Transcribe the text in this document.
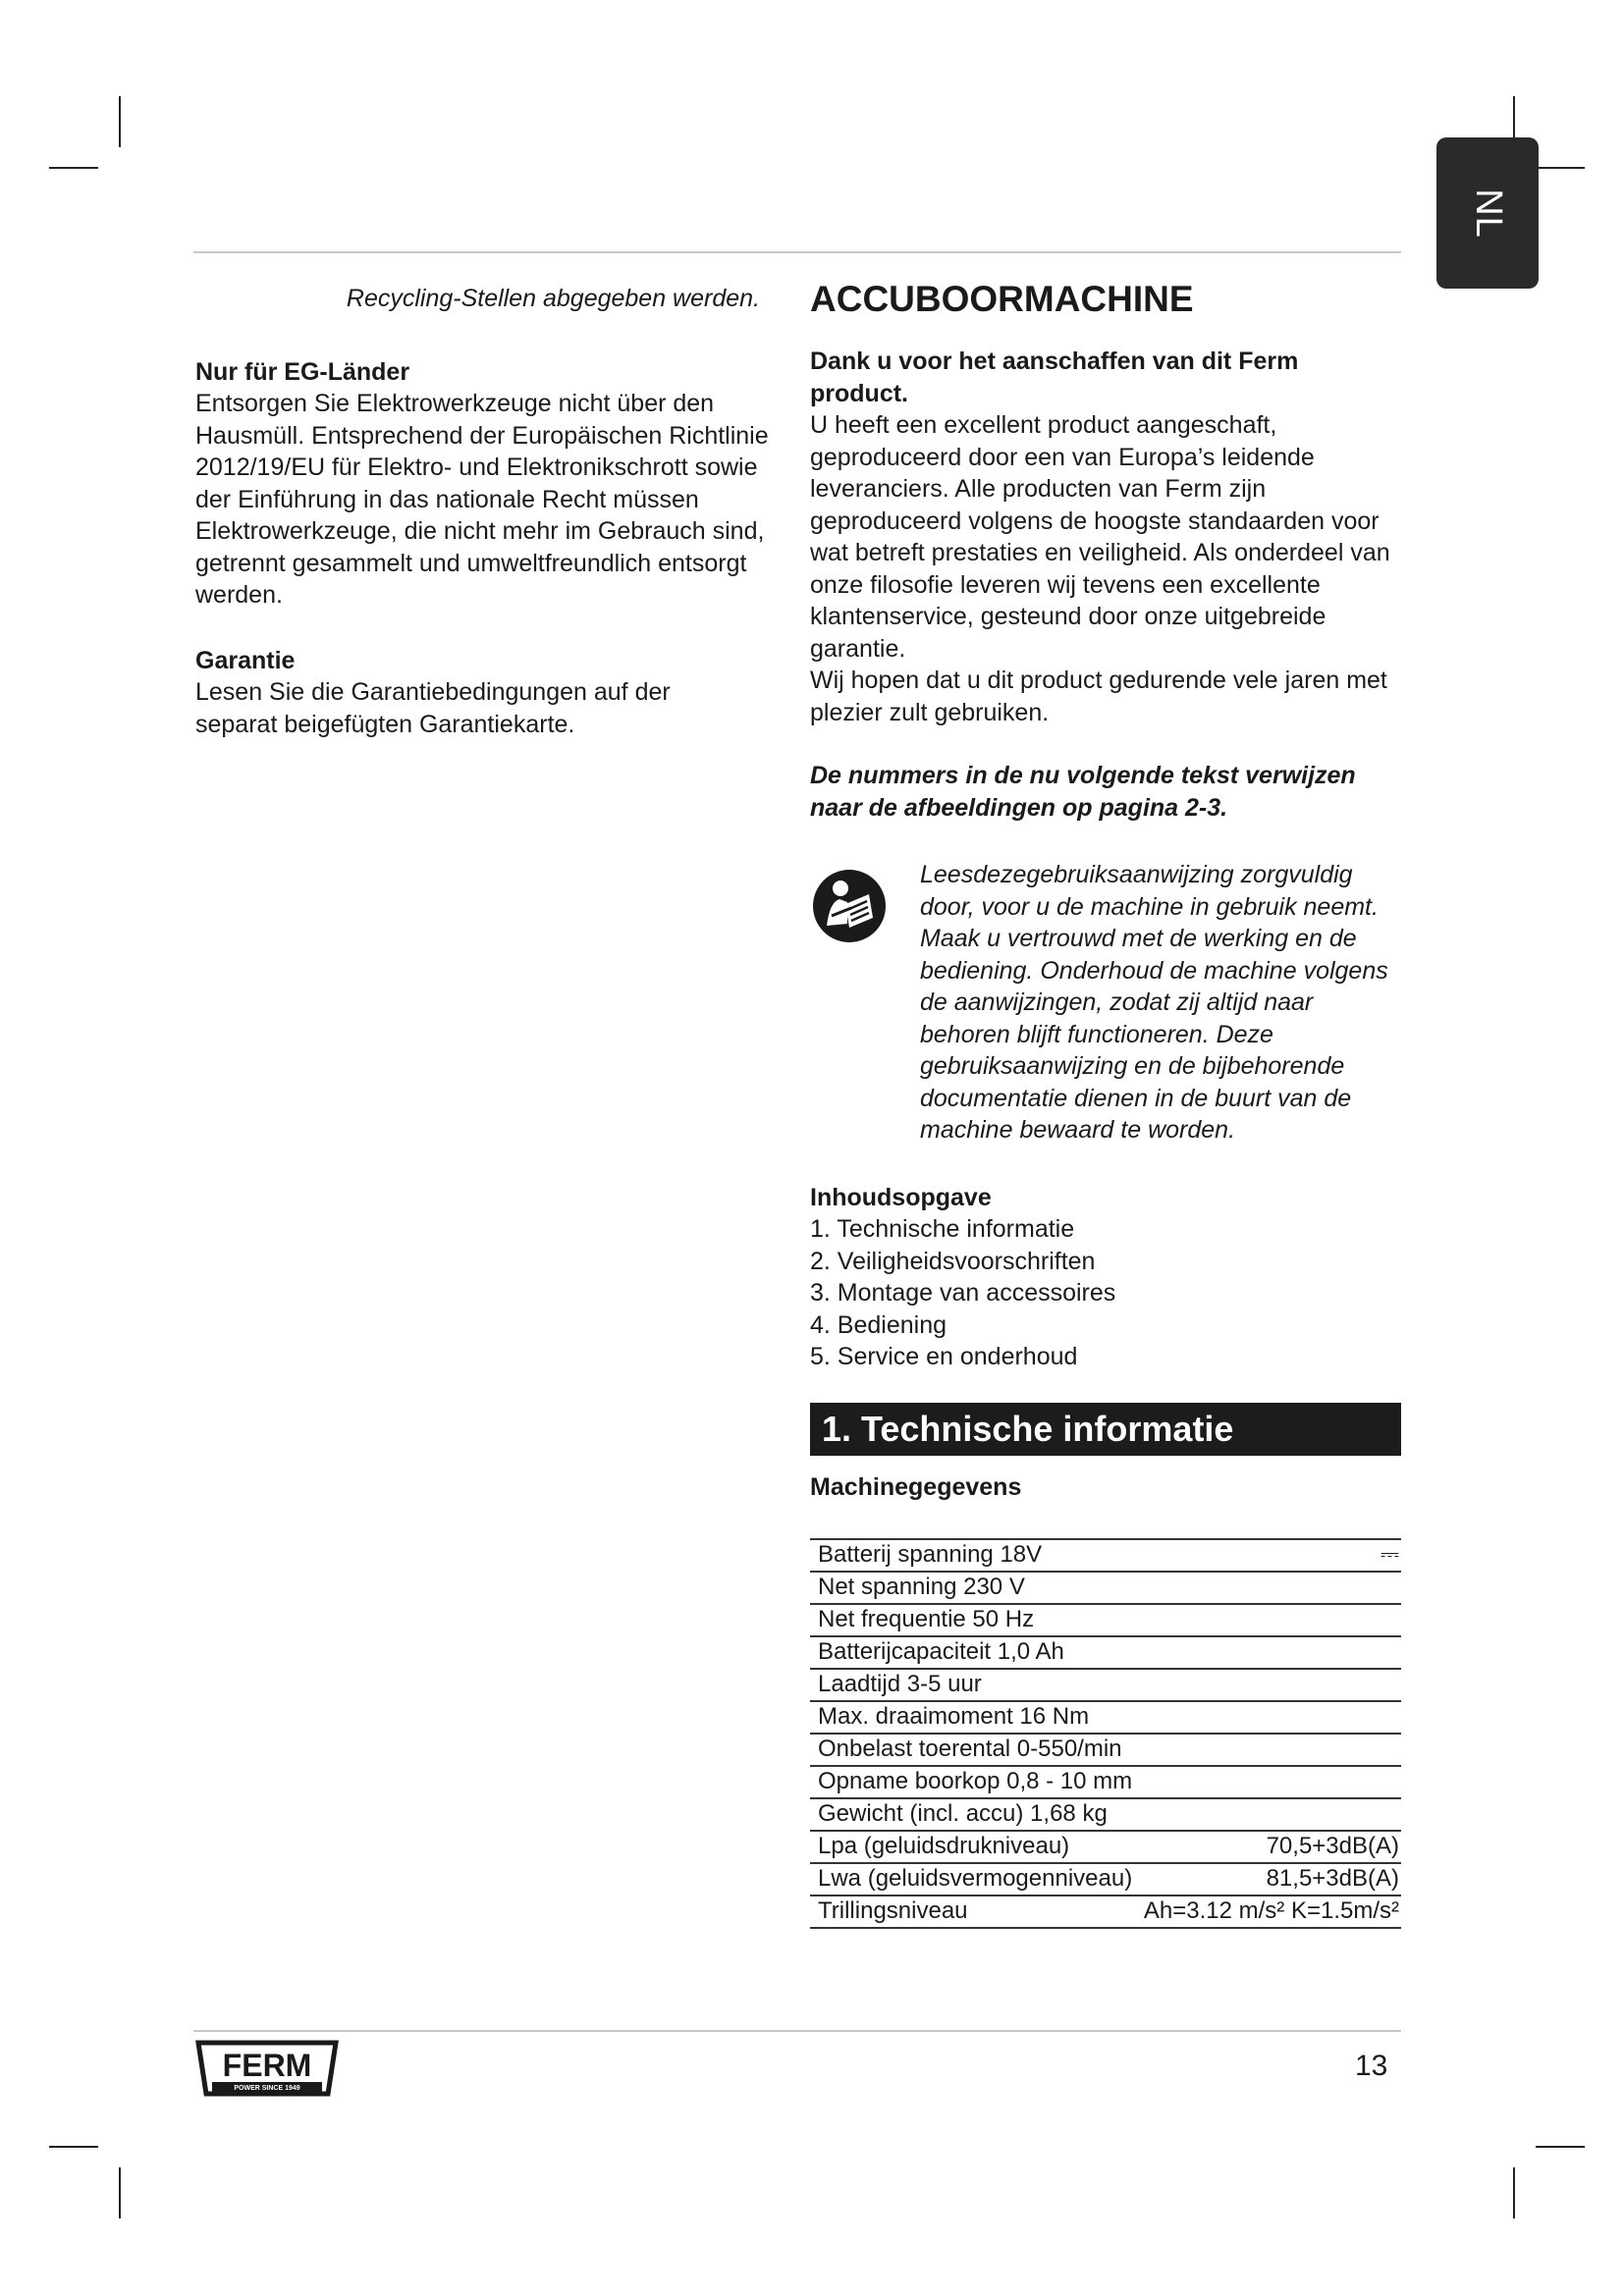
NL

Recycling-Stellen abgegeben werden.

Nur für EG-Länder

Entsorgen Sie Elektrowerkzeuge nicht über den Hausmüll. Entsprechend der Europäischen Richtlinie 2012/19/EU für Elektro- und Elektronikschrott sowie der Einführung in das nationale Recht müssen Elektrowerkzeuge, die nicht mehr im Gebrauch sind, getrennt gesammelt und umweltfreundlich entsorgt werden.

Garantie

Lesen Sie die Garantiebedingungen auf der separat beigefügten Garantiekarte.

ACCUBOORMACHINE

Dank u voor het aanschaffen van dit Ferm product.

U heeft een excellent product aangeschaft, geproduceerd door een van Europa’s leidende leveranciers. Alle producten van Ferm zijn geproduceerd volgens de hoogste standaarden voor wat betreft prestaties en veiligheid. Als onderdeel van onze filosofie leveren wij tevens een excellente klantenservice, gesteund door onze uitgebreide garantie.

Wij hopen dat u dit product gedurende vele jaren met plezier zult gebruiken.

De nummers in de nu volgende tekst verwijzen naar de afbeeldingen op pagina 2-3.

Leesdezegebruiksaanwijzing zorgvuldig door, voor u de machine in gebruik neemt. Maak u vertrouwd met de werking en de bediening. Onderhoud de machine volgens de aanwijzingen, zodat zij altijd naar behoren blijft functioneren. Deze gebruiksaanwijzing en de bijbehorende documentatie dienen in de buurt van de machine bewaard te worden.

Inhoudsopgave
1. Technische informatie
2. Veiligheidsvoorschriften
3. Montage van accessoires
4. Bediening
5. Service en onderhoud
1. Technische informatie
Machinegegevens
Batterij spanning 18V	⎓
Net spanning 230 V	
Net frequentie 50 Hz	
Batterijcapaciteit 1,0 Ah	
Laadtijd 3-5 uur	
Max. draaimoment 16 Nm	
Onbelast toerental 0-550/min	
Opname boorkop 0,8 - 10 mm	
Gewicht (incl. accu) 1,68 kg	
Lpa (geluidsdrukniveau)	70,5+3dB(A)
Lwa (geluidsvermogenniveau)	81,5+3dB(A)
Trillingsniveau	Ah=3.12 m/s² K=1.5m/s²
FERM
POWER SINCE 1949
13
